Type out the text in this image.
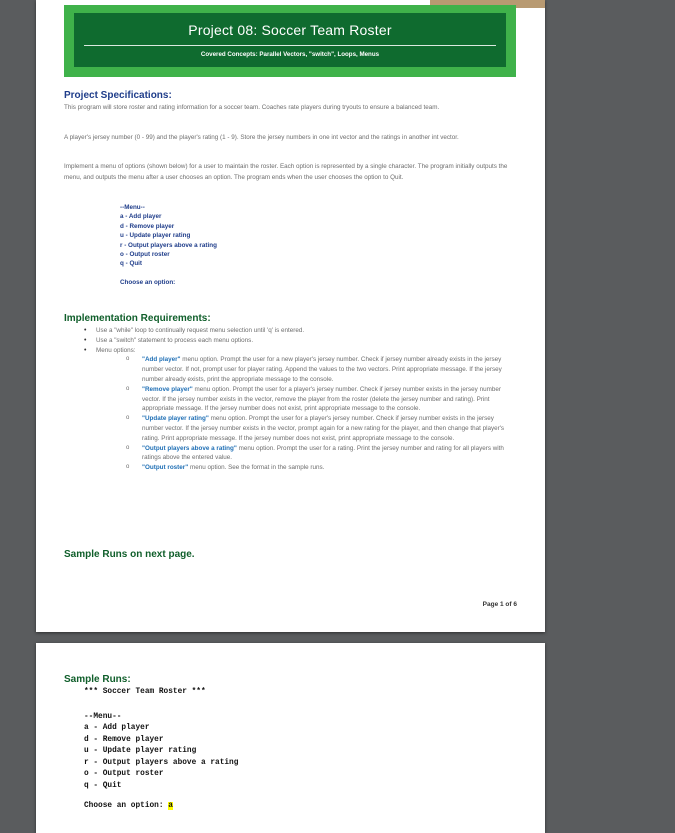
Project 08: Soccer Team Roster
Covered Concepts: Parallel Vectors, "switch", Loops, Menus
Project Specifications:
This program will store roster and rating information for a soccer team. Coaches rate players during tryouts to ensure a balanced team.
A player's jersey number (0 - 99) and the player's rating (1 - 9). Store the jersey numbers in one int vector and the ratings in another int vector.
Implement a menu of options (shown below) for a user to maintain the roster. Each option is represented by a single character. The program initially outputs the menu, and outputs the menu after a user chooses an option. The program ends when the user chooses the option to Quit.
--Menu--
a - Add player
d - Remove player
u - Update player rating
r - Output players above a rating
o - Output roster
q - Quit
Choose an option:
Implementation Requirements:
• Use a "while" loop to continually request menu selection until 'q' is entered.
• Use a "switch" statement to process each menu options.
• Menu options:
o "Add player" menu option. Prompt the user for a new player's jersey number. Check if jersey number already exists in the jersey number vector. If not, prompt user for player rating. Append the values to the two vectors. Print appropriate message. If the jersey number already exists, print the appropriate message to the console.
o "Remove player" menu option. Prompt the user for a player's jersey number. Check if jersey number exists in the jersey number vector. If the jersey number exists in the vector, remove the player from the roster (delete the jersey number and rating). Print appropriate message. If the jersey number does not exist, print appropriate message to the console.
o "Update player rating" menu option. Prompt the user for a player's jersey number. Check if jersey number exists in the jersey number vector. If the jersey number exists in the vector, prompt again for a new rating for the player, and then change that player's rating. Print appropriate message. If the jersey number does not exist, print appropriate message to the console.
o "Output players above a rating" menu option. Prompt the user for a rating. Print the jersey number and rating for all players with ratings above the entered value.
o "Output roster" menu option. See the format in the sample runs.
Sample Runs on next page.
Page 1 of 6
Sample Runs:
*** Soccer Team Roster ***
--Menu--
a - Add player
d - Remove player
u - Update player rating
r - Output players above a rating
o - Output roster
q - Quit
Choose an option: a
